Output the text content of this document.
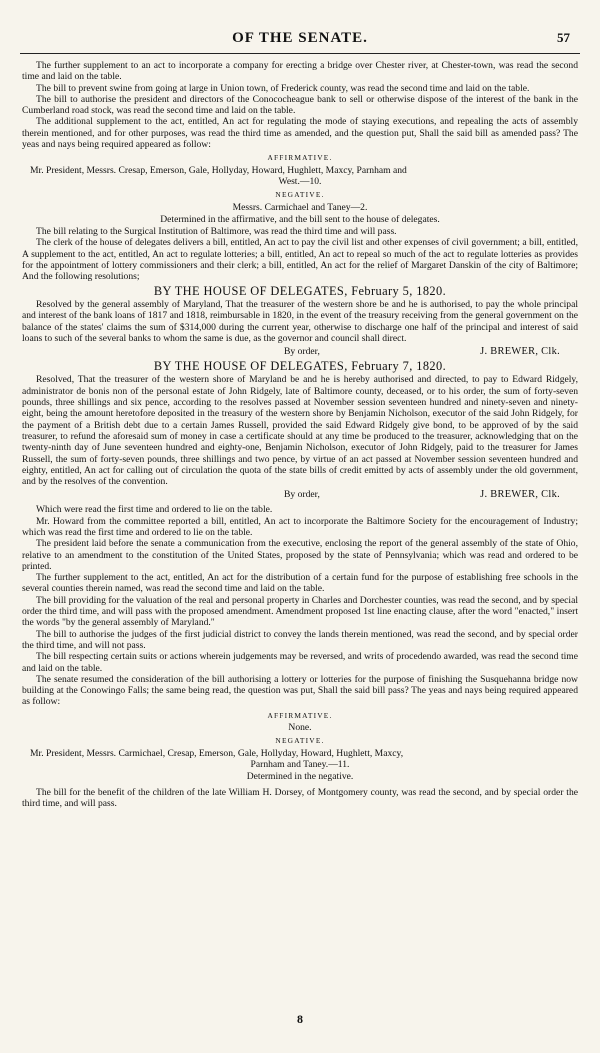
OF THE SENATE.	57

The further supplement to an act to incorporate a company for erecting a bridge over Chester river, at Chester-town, was read the second time and laid on the table.

The bill to prevent swine from going at large in Union town, of Frederick county, was read the second time and laid on the table.

The bill to authorise the president and directors of the Conococheague bank to sell or otherwise dispose of the interest of the bank in the Cumberland road stock, was read the second time and laid on the table.

The additional supplement to the act, entitled, An act for regulating the mode of staying executions, and repealing the acts of assembly therein mentioned, and for other purposes, was read the third time as amended, and the question put, Shall the said bill as amended pass? The yeas and nays being required appeared as follow:

AFFIRMATIVE.

Mr. President, Messrs. Cresap, Emerson, Gale, Hollyday, Howard, Hughlett, Maxcy, Parnham and

West.—10.

NEGATIVE.

Messrs. Carmichael and Taney—2.

Determined in the affirmative, and the bill sent to the house of delegates.

The bill relating to the Surgical Institution of Baltimore, was read the third time and will pass.

The clerk of the house of delegates delivers a bill, entitled, An act to pay the civil list and other expenses of civil government; a bill, entitled, A supplement to the act, entitled, An act to regulate lotteries; a bill, entitled, An act to repeal so much of the act to regulate lotteries as provides for the appointment of lottery commissioners and their clerk; a bill, entitled, An act for the relief of Margaret Danskin of the city of Baltimore; And the following resolutions;

BY THE HOUSE OF DELEGATES, February 5, 1820.

Resolved by the general assembly of Maryland, That the treasurer of the western shore be and he is authorised, to pay the whole principal and interest of the bank loans of 1817 and 1818, reimbursable in 1820, in the event of the treasury receiving from the general government on the balance of the states' claims the sum of $314,000 during the current year, otherwise to discharge one half of the principal and interest of said loans to such of the several banks to whom the same is due, as the governor and council shall direct.

By order,	J. BREWER, Clk.
BY THE HOUSE OF DELEGATES, February 7, 1820.

Resolved, That the treasurer of the western shore of Maryland be and he is hereby authorised and directed, to pay to Edward Ridgely, administrator de bonis non of the personal estate of John Ridgely, late of Baltimore county, deceased, or to his order, the sum of forty-seven pounds, three shillings and six pence, according to the resolves passed at November session seventeen hundred and ninety-seven and ninety-eight, being the amount heretofore deposited in the treasury of the western shore by Benjamin Nicholson, executor of the said John Ridgely, for the payment of a British debt due to a certain James Russell, provided the said Edward Ridgely give bond, to be approved of by the said treasurer, to refund the aforesaid sum of money in case a certificate should at any time be produced to the treasurer, acknowledging that on the twenty-ninth day of June seventeen hundred and eighty-one, Benjamin Nicholson, executor of John Ridgely, paid to the treasurer for James Russell, the sum of forty-seven pounds, three shillings and two pence, by virtue of an act passed at November session seventeen hundred and eighty, entitled, An act for calling out of circulation the quota of the state bills of credit emitted by acts of assembly under the old government, and by the resolves of the convention.

By order,	J. BREWER, Clk.

Which were read the first time and ordered to lie on the table.

Mr. Howard from the committee reported a bill, entitled, An act to incorporate the Baltimore Society for the encouragement of Industry; which was read the first time and ordered to lie on the table.

The president laid before the senate a communication from the executive, enclosing the report of the general assembly of the state of Ohio, relative to an amendment to the constitution of the United States, proposed by the state of Pennsylvania; which was read and ordered to be printed.

The further supplement to the act, entitled, An act for the distribution of a certain fund for the purpose of establishing free schools in the several counties therein named, was read the second time and laid on the table.

The bill providing for the valuation of the real and personal property in Charles and Dorchester counties, was read the second, and by special order the third time, and will pass with the proposed amendment. Amendment proposed 1st line enacting clause, after the word "enacted," insert the words "by the general assembly of Maryland."

The bill to authorise the judges of the first judicial district to convey the lands therein mentioned, was read the second, and by special order the third time, and will not pass.

The bill respecting certain suits or actions wherein judgements may be reversed, and writs of procedendo awarded, was read the second time and laid on the table.

The senate resumed the consideration of the bill authorising a lottery or lotteries for the purpose of finishing the Susquehanna bridge now building at the Conowingo Falls; the same being read, the question was put, Shall the said bill pass? The yeas and nays being required appeared as follow:

AFFIRMATIVE.

None.

NEGATIVE.

Mr. President, Messrs. Carmichael, Cresap, Emerson, Gale, Hollyday, Howard, Hughlett, Maxcy,

Parnham and Taney.—11.

Determined in the negative.

The bill for the benefit of the children of the late William H. Dorsey, of Montgomery county, was read the second, and by special order the third time, and will pass.

8
